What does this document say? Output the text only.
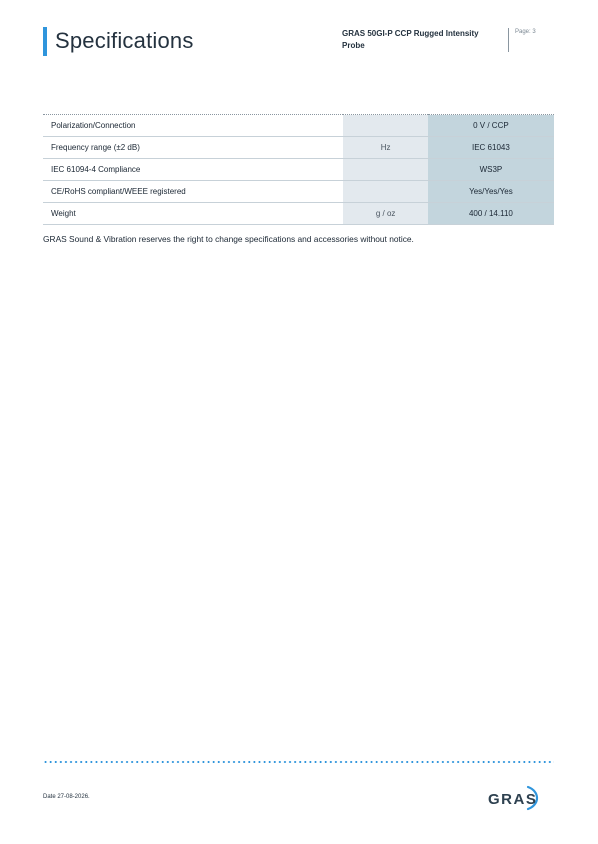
Specifications	GRAS 50GI-P CCP Rugged Intensity Probe
Page: 3
Polarization/Connection		0 V / CCP
Frequency range (±2 dB)	Hz	IEC 61043
IEC 61094-4 Compliance		WS3P
CE/RoHS compliant/WEEE registered		Yes/Yes/Yes
Weight	g / oz	400 / 14.110
GRAS Sound & Vibration reserves the right to change specifications and accessories without notice.
Date 27-08-2026.	GRAS
